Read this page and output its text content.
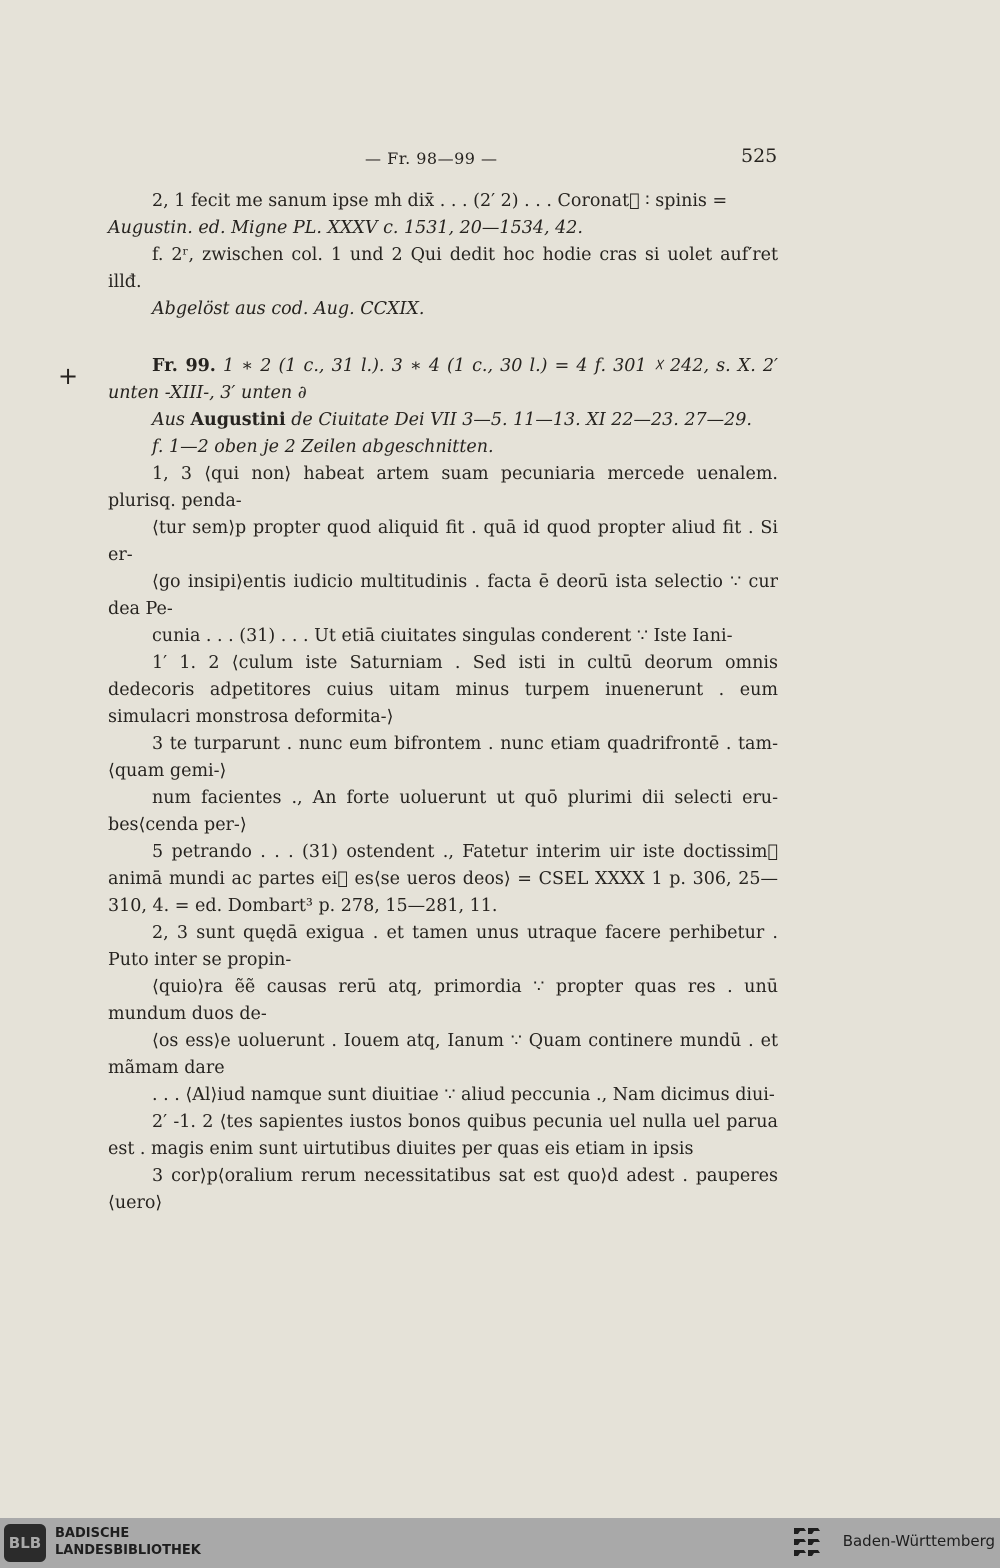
— Fr. 98—99 —	525
+

2, 1 fecit me sanum ipse mh dix̄ . . . (2′ 2) . . . Coronat᷑ ∶ spinis =

Augustin. ed. Migne PL. XXXV c. 1531, 20—1534, 42.

f. 2ʳ, zwischen col. 1 und 2 Qui dedit hoc hodie cras si uolet auf′ret illđ.

Abgelöst aus cod. Aug. CCXIX.

Fr. 99. 1 ∗ 2 (1 c., 31 l.). 3 ∗ 4 (1 c., 30 l.) = 4 f. 301 ☓ 242, s. X. 2′ unten -XIII-, 3′ unten ∂

Aus Augustini de Ciuitate Dei VII 3—5. 11—13. XI 22—23. 27—29.

f. 1—2 oben je 2 Zeilen abgeschnitten.

1, 3 ⟨qui non⟩ habeat artem suam pecuniaria mercede uenalem. plurisq. penda-

⟨tur sem⟩p propter quod aliquid fit . quā id quod propter aliud fit . Si er-

⟨go insipi⟩entis iudicio multitudinis . facta ē deorū ista selectio ∵ cur dea Pe-

cunia . . . (31) . . . Ut etiā ciuitates singulas conderent ∵ Iste Iani-

1′ 1. 2 ⟨culum iste Saturniam . Sed isti in cultū deorum omnis dedecoris adpetitores cuius uitam minus turpem inuenerunt . eum simulacri monstrosa deformita-⟩

3 te turparunt . nunc eum bifrontem . nunc etiam quadrifrontē . tam-⟨quam gemi-⟩

num facientes ., An forte uoluerunt ut quō plurimi dii selecti eru-bes⟨cenda per-⟩

5 petrando . . . (31) ostendent ., Fatetur interim uir iste doctissim᷑ animā mundi ac partes ei᷑ es⟨se ueros deos⟩ = CSEL XXXX 1 p. 306, 25—310, 4. = ed. Dombart³ p. 278, 15—281, 11.

2, 3 sunt quędā exigua . et tamen unus utraque facere perhibetur . Puto inter se propin-

⟨quio⟩ra ẽẽ causas rerū atq, primordia ∵ propter quas res . unū mundum duos de-

⟨os ess⟩e uoluerunt . Iouem atq, Ianum ∵ Quam continere mundū . et mãmam dare

. . . ⟨Al⟩iud namque sunt diuitiae ∵ aliud peccunia ., Nam dicimus diui-

2′ -1. 2 ⟨tes sapientes iustos bonos quibus pecunia uel nulla uel parua est . magis enim sunt uirtutibus diuites per quas eis etiam in ipsis

3 cor⟩p⟨oralium rerum necessitatibus sat est quo⟩d adest . pauperes ⟨uero⟩

BLB
BADISCHE
LANDESBIBLIOTHEK
Baden-Württemberg
